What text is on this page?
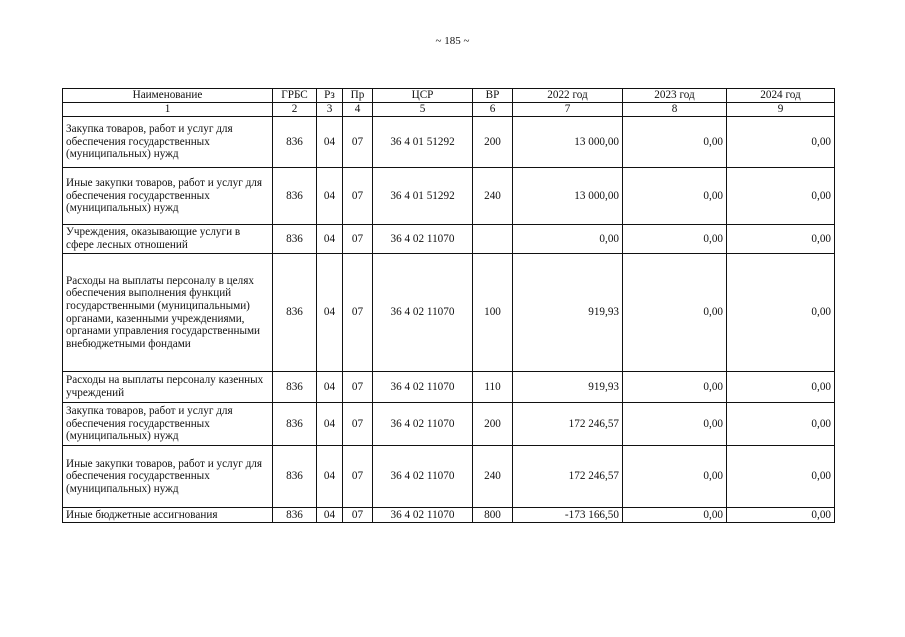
~ 185 ~
Наименование	ГРБС	Рз	Пр	ЦСР	ВР	2022 год	2023 год	2024 год
1	2	3	4	5	6	7	8	9
Закупка товаров, работ и услуг для обеспечения государственных (муниципальных) нужд	836	04	07	36 4 01 51292	200	13 000,00	0,00	0,00
Иные закупки товаров, работ и услуг для обеспечения государственных (муниципальных) нужд	836	04	07	36 4 01 51292	240	13 000,00	0,00	0,00
Учреждения, оказывающие услуги в сфере лесных отношений	836	04	07	36 4 02 11070		0,00	0,00	0,00
Расходы на выплаты персоналу в целях обеспечения выполнения функций государственными (муниципальными) органами, казенными учреждениями, органами управления государственными внебюджетными фондами	836	04	07	36 4 02 11070	100	919,93	0,00	0,00
Расходы на выплаты персоналу казенных учреждений	836	04	07	36 4 02 11070	110	919,93	0,00	0,00
Закупка товаров, работ и услуг для обеспечения государственных (муниципальных) нужд	836	04	07	36 4 02 11070	200	172 246,57	0,00	0,00
Иные закупки товаров, работ и услуг для обеспечения государственных (муниципальных) нужд	836	04	07	36 4 02 11070	240	172 246,57	0,00	0,00
Иные бюджетные ассигнования	836	04	07	36 4 02 11070	800	-173 166,50	0,00	0,00
